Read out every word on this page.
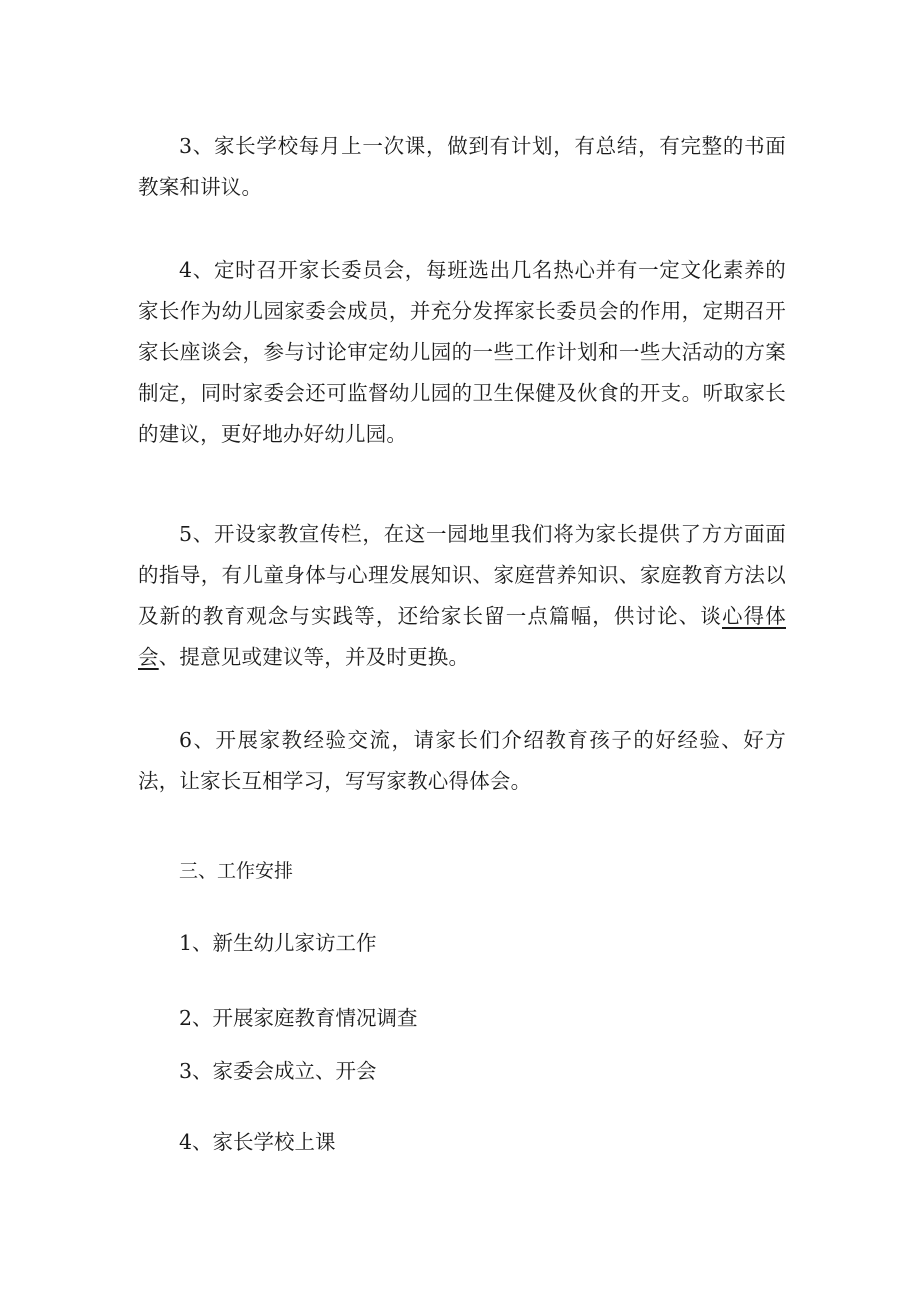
3、家长学校每月上一次课，做到有计划，有总结，有完整的书面教案和讲议。

4、定时召开家长委员会，每班选出几名热心并有一定文化素养的家长作为幼儿园家委会成员，并充分发挥家长委员会的作用，定期召开家长座谈会，参与讨论审定幼儿园的一些工作计划和一些大活动的方案制定，同时家委会还可监督幼儿园的卫生保健及伙食的开支。听取家长的建议，更好地办好幼儿园。

5、开设家教宣传栏，在这一园地里我们将为家长提供了方方面面的指导，有儿童身体与心理发展知识、家庭营养知识、家庭教育方法以及新的教育观念与实践等，还给家长留一点篇幅，供讨论、谈心得体会、提意见或建议等，并及时更换。

6、开展家教经验交流，请家长们介绍教育孩子的好经验、好方法，让家长互相学习，写写家教心得体会。

三、工作安排

1、新生幼儿家访工作

2、开展家庭教育情况调查

3、家委会成立、开会

4、家长学校上课
